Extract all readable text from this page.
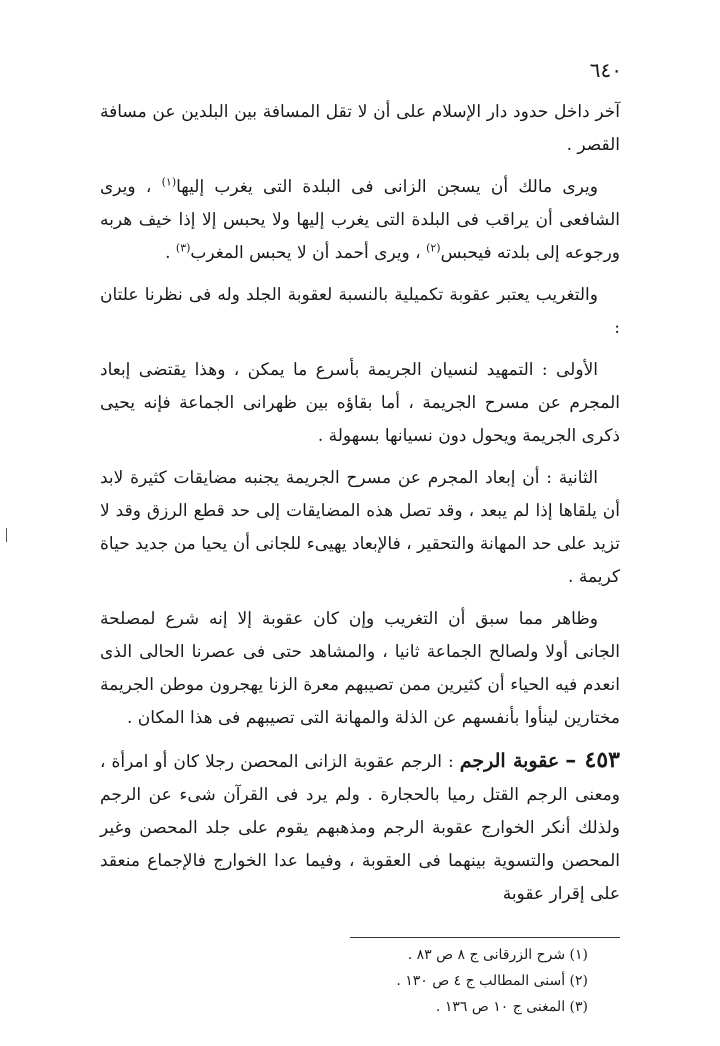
٦٤٠

آخر داخل حدود دار الإسلام على أن لا تقل المسافة بين البلدين عن مسافة القصر .

ويرى مالك أن يسجن الزانى فى البلدة التى يغرب إليها$^{(١)}$ ، ويرى الشافعى أن يراقب فى البلدة التى يغرب إليها ولا يحبس إلا إذا خيف هربه ورجوعه إلى بلدته فيحبس$^{(٢)}$ ، ويرى أحمد أن لا يحبس المغرب$^{(٣)}$ .

والتغريب يعتبر عقوبة تكميلية بالنسبة لعقوبة الجلد وله فى نظرنا علتان :

الأولى : التمهيد لنسيان الجريمة بأسرع ما يمكن ، وهذا يقتضى إبعاد المجرم عن مسرح الجريمة ، أما بقاؤه بين ظهرانى الجماعة فإنه يحيى ذكرى الجريمة ويحول دون نسيانها بسهولة .

الثانية : أن إبعاد المجرم عن مسرح الجريمة يجنبه مضايقات كثيرة لابد أن يلقاها إذا لم يبعد ، وقد تصل هذه المضايقات إلى حد قطع الرزق وقد لا تزيد على حد المهانة والتحقير ، فالإبعاد يهيىء للجانى أن يحيا من جديد حياة كريمة .

وظاهر مما سبق أن التغريب وإن كان عقوبة إلا إنه شرع لمصلحة الجانى أولا ولصالح الجماعة ثانيا ، والمشاهد حتى فى عصرنا الحالى الذى انعدم فيه الحياء أن كثيرين ممن تصيبهم معرة الزنا يهجرون موطن الجريمة مختارين لينأوا بأنفسهم عن الذلة والمهانة التى تصيبهم فى هذا المكان .

٤٥٣ – عقوبة الرجم : الرجم عقوبة الزانى المحصن رجلا كان أو امرأة ، ومعنى الرجم القتل رميا بالحجارة . ولم يرد فى القرآن شىء عن الرجم ولذلك أنكر الخوارج عقوبة الرجم ومذهبهم يقوم على جلد المحصن وغير المحصن والتسوية بينهما فى العقوبة ، وفيما عدا الخوارج فالإجماع منعقد على إقرار عقوبة

(١) شرح الزرقانى ج ٨ ص ٨٣ .
(٢) أسنى المطالب ج ٤ ص ١٣٠ .
(٣) المغنى ج ١٠ ص ١٣٦ .
